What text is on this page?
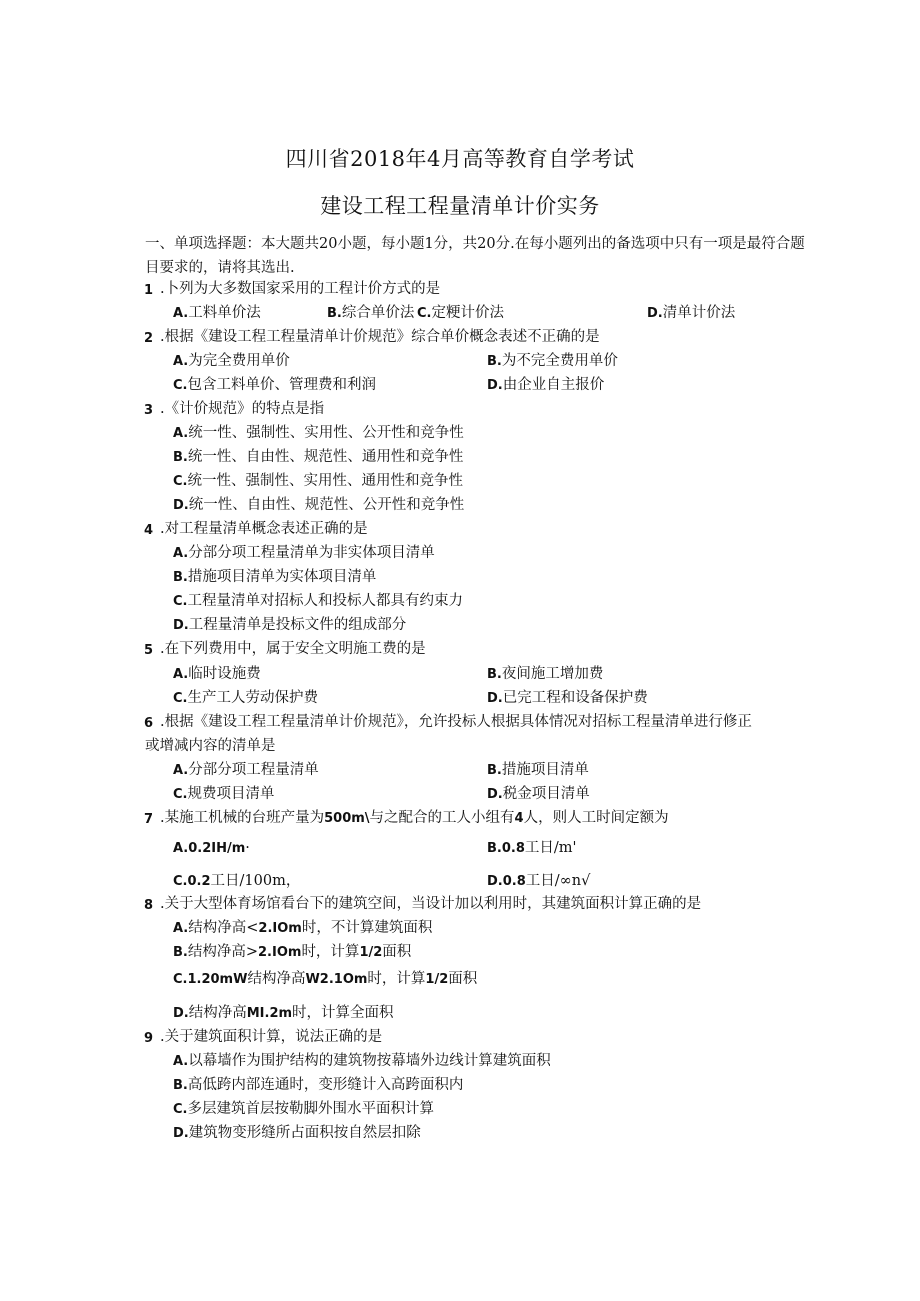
四川省2018年4月高等教育自学考试
建设工程工程量清单计价实务
一、单项选择题：本大题共20小题，每小题1分，共20分.在每小题列出的备选项中只有一项是最符合题目要求的，请将其选出.
1 .卜列为大多数国家采用的工程计价方式的是
A.工料单价法	B.综合单价法 C.定粳计价法	D.清单计价法
2 .根据《建设工程工程量清单计价规范》综合单价概念表述不正确的是
A.为完全费用单价	B.为不完全费用单价
C.包含工料单价、管理费和利润	D.由企业自主报价
3 .《计价规范》的特点是指
A.统一性、强制性、实用性、公开性和竞争性
B.统一性、自由性、规范性、通用性和竞争性
C.统一性、强制性、实用性、通用性和竞争性
D.统一性、自由性、规范性、公开性和竞争性
4 .对工程量清单概念表述正确的是
A.分部分项工程量清单为非实体项目清单
B.措施项目清单为实体项目清单
C.工程量清单对招标人和投标人都具有约束力
D.工程量清单是投标文件的组成部分
5 .在下列费用中，属于安全文明施工费的是
A.临时设施费	B.夜间施工增加费
C.生产工人劳动保护费	D.已完工程和设备保护费
6 .根据《建设工程工程量清单计价规范》，允许投标人根据具体情况对招标工程量清单进行修正
或增减内容的清单是
A.分部分项工程量清单	B.措施项目清单
C.规费项目清单	D.税金项目清单
7 .某施工机械的台班产量为500m\与之配合的工人小组有4人，则人工时间定额为
A.0.2IH/m·	B.0.8工日/m'
C.0.2工日/100m，	D.0.8工日/∞n√
8 .关于大型体育场馆看台下的建筑空间，当设计加以利用时，其建筑面积计算正确的是
A.结构净高<2.IOm时，不计算建筑面积
B.结构净高>2.IOm时，计算1/2面积
C.1.20mW结构净高W2.1Om时，计算1/2面积
D.结构净高MI.2m时，计算全面积
9 .关于建筑面积计算，说法正确的是
A.以幕墙作为围护结构的建筑物按幕墙外边线计算建筑面积
B.高低跨内部连通时，变形缝计入高跨面积内
C.多层建筑首层按勒脚外围水平面积计算
D.建筑物变形缝所占面积按自然层扣除
